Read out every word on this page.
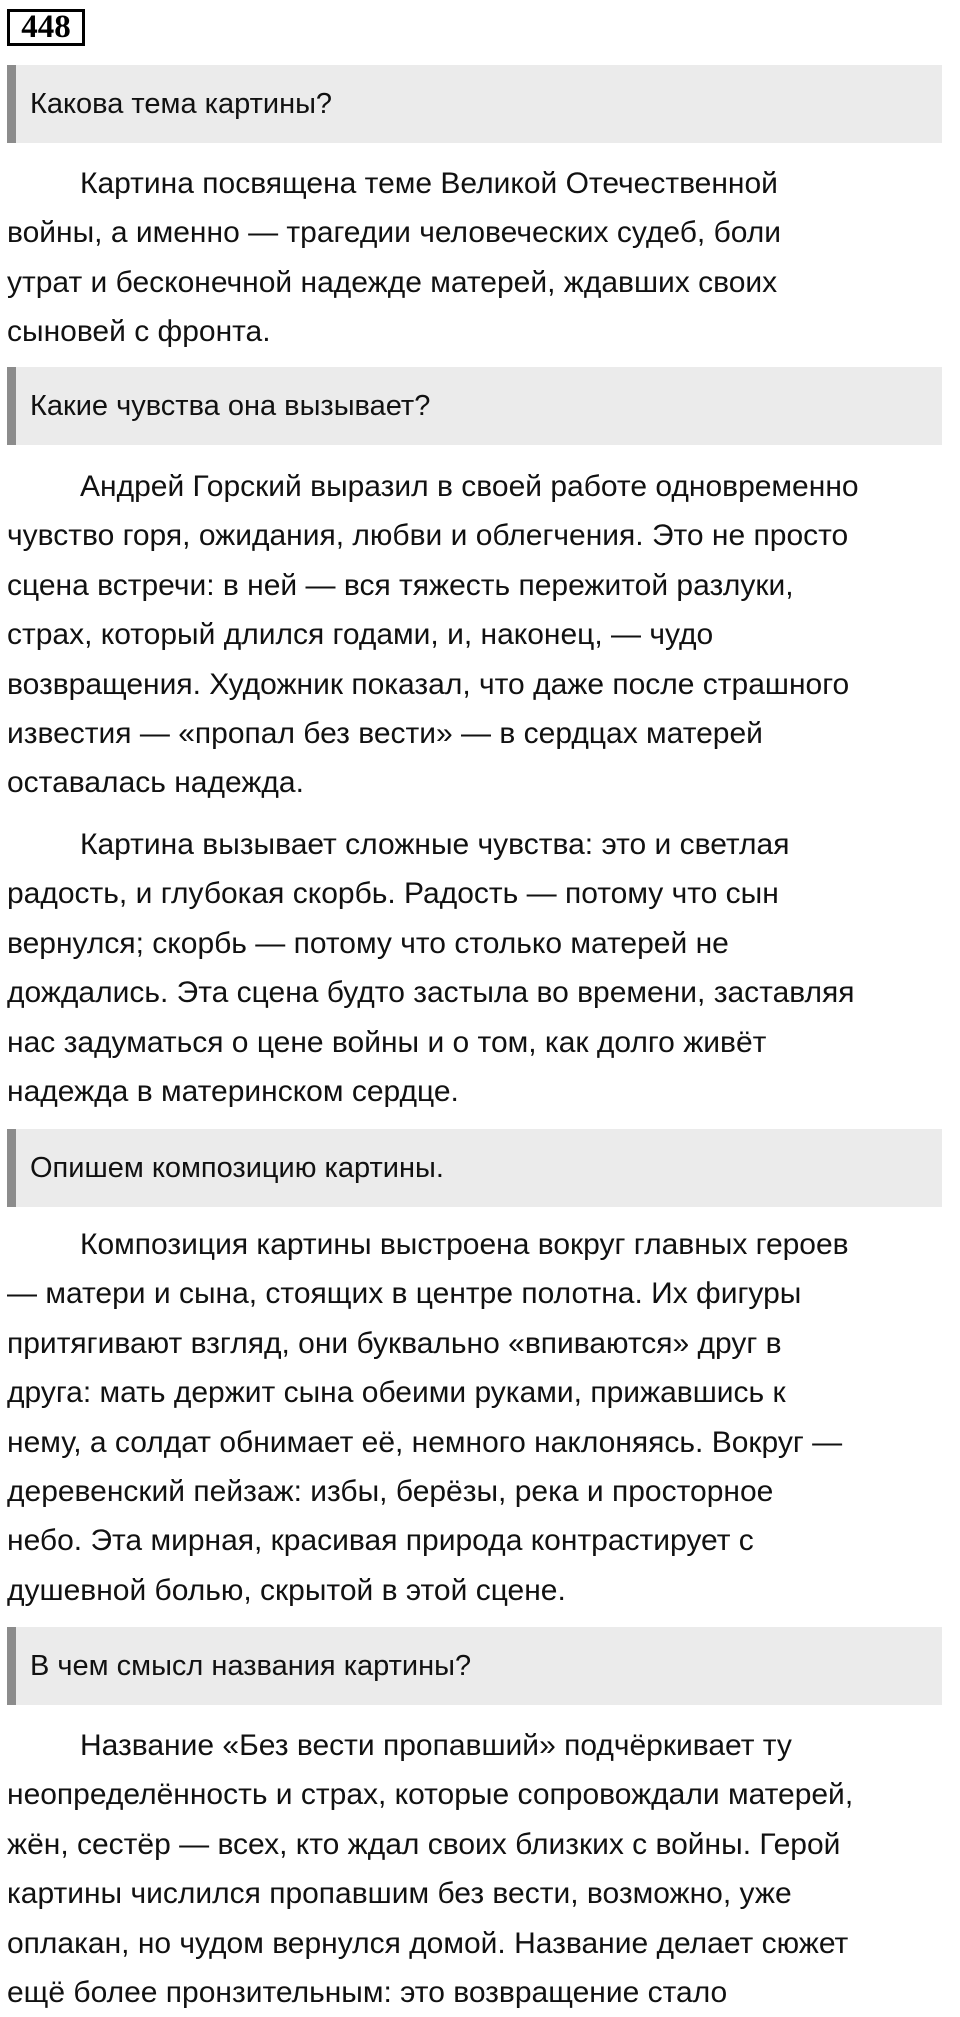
448
Какова тема картины?
Картина посвящена теме Великой Отечественной
войны, а именно — трагедии человеческих судеб, боли
утрат и бесконечной надежде матерей, ждавших своих
сыновей с фронта.
Какие чувства она вызывает?
Андрей Горский выразил в своей работе одновременно
чувство горя, ожидания, любви и облегчения. Это не просто
сцена встречи: в ней — вся тяжесть пережитой разлуки,
страх, который длился годами, и, наконец, — чудо
возвращения. Художник показал, что даже после страшного
известия — «пропал без вести» — в сердцах матерей
оставалась надежда.
Картина вызывает сложные чувства: это и светлая
радость, и глубокая скорбь. Радость — потому что сын
вернулся; скорбь — потому что столько матерей не
дождались. Эта сцена будто застыла во времени, заставляя
нас задуматься о цене войны и о том, как долго живёт
надежда в материнском сердце.
Опишем композицию картины.
Композиция картины выстроена вокруг главных героев
— матери и сына, стоящих в центре полотна. Их фигуры
притягивают взгляд, они буквально «впиваются» друг в
друга: мать держит сына обеими руками, прижавшись к
нему, а солдат обнимает её, немного наклоняясь. Вокруг —
деревенский пейзаж: избы, берёзы, река и просторное
небо. Эта мирная, красивая природа контрастирует с
душевной болью, скрытой в этой сцене.
В чем смысл названия картины?
Название «Без вести пропавший» подчёркивает ту
неопределённость и страх, которые сопровождали матерей,
жён, сестёр — всех, кто ждал своих близких с войны. Герой
картины числился пропавшим без вести, возможно, уже
оплакан, но чудом вернулся домой. Название делает сюжет
ещё более пронзительным: это возвращение стало
